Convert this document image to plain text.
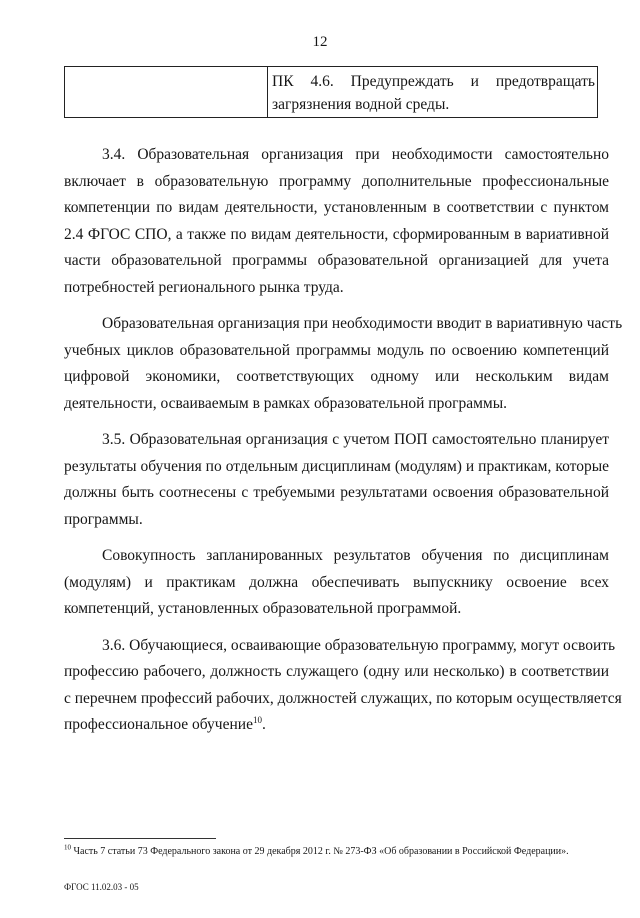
12
ПК 4.6. Предупреждать и предотвращать
загрязнения водной среды.
3.4. Образовательная организация при необходимости самостоятельно
включает в образовательную программу дополнительные профессиональные
компетенции по видам деятельности, установленным в соответствии с пунктом
2.4 ФГОС СПО, а также по видам деятельности, сформированным в вариативной
части образовательной программы образовательной организацией для учета
потребностей регионального рынка труда.
Образовательная организация при необходимости вводит в вариативную часть
учебных циклов образовательной программы модуль по освоению компетенций
цифровой экономики, соответствующих одному или нескольким видам
деятельности, осваиваемым в рамках образовательной программы.
3.5. Образовательная организация с учетом ПОП самостоятельно планирует
результаты обучения по отдельным дисциплинам (модулям) и практикам, которые
должны быть соотнесены с требуемыми результатами освоения образовательной
программы.
Совокупность запланированных результатов обучения по дисциплинам
(модулям) и практикам должна обеспечивать выпускнику освоение всех
компетенций, установленных образовательной программой.
3.6. Обучающиеся, осваивающие образовательную программу, могут освоить
профессию рабочего, должность служащего (одну или несколько) в соответствии
с перечнем профессий рабочих, должностей служащих, по которым осуществляется
профессиональное обучение$^{10}$.
$^{10}$ Часть 7 статьи 73 Федерального закона от 29 декабря 2012 г. № 273-ФЗ «Об образовании в Российской Федерации».
ФГОС 11.02.03 - 05
